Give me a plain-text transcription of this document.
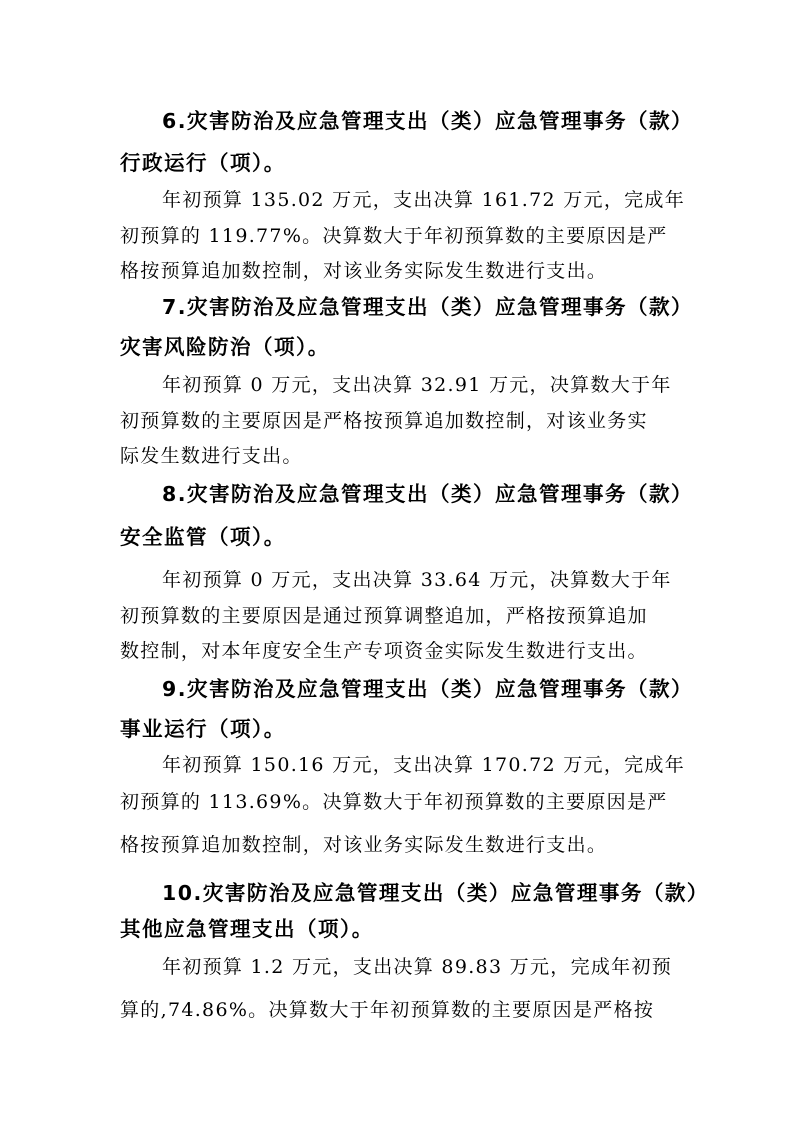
6.灾害防治及应急管理支出（类）应急管理事务（款）

行政运行（项）。

年初预算 135.02 万元，支出决算 161.72 万元，完成年

初预算的 119.77%。决算数大于年初预算数的主要原因是严

格按预算追加数控制，对该业务实际发生数进行支出。

7.灾害防治及应急管理支出（类）应急管理事务（款）

灾害风险防治（项）。

年初预算 0 万元，支出决算 32.91 万元，决算数大于年

初预算数的主要原因是严格按预算追加数控制，对该业务实

际发生数进行支出。

8.灾害防治及应急管理支出（类）应急管理事务（款）

安全监管（项）。

年初预算 0 万元，支出决算 33.64 万元，决算数大于年

初预算数的主要原因是通过预算调整追加，严格按预算追加

数控制，对本年度安全生产专项资金实际发生数进行支出。

9.灾害防治及应急管理支出（类）应急管理事务（款）

事业运行（项）。

年初预算 150.16 万元，支出决算 170.72 万元，完成年

初预算的 113.69%。决算数大于年初预算数的主要原因是严

格按预算追加数控制，对该业务实际发生数进行支出。

10.灾害防治及应急管理支出（类）应急管理事务（款）

其他应急管理支出（项）。

年初预算 1.2 万元，支出决算 89.83 万元，完成年初预

算的,74.86%。决算数大于年初预算数的主要原因是严格按
